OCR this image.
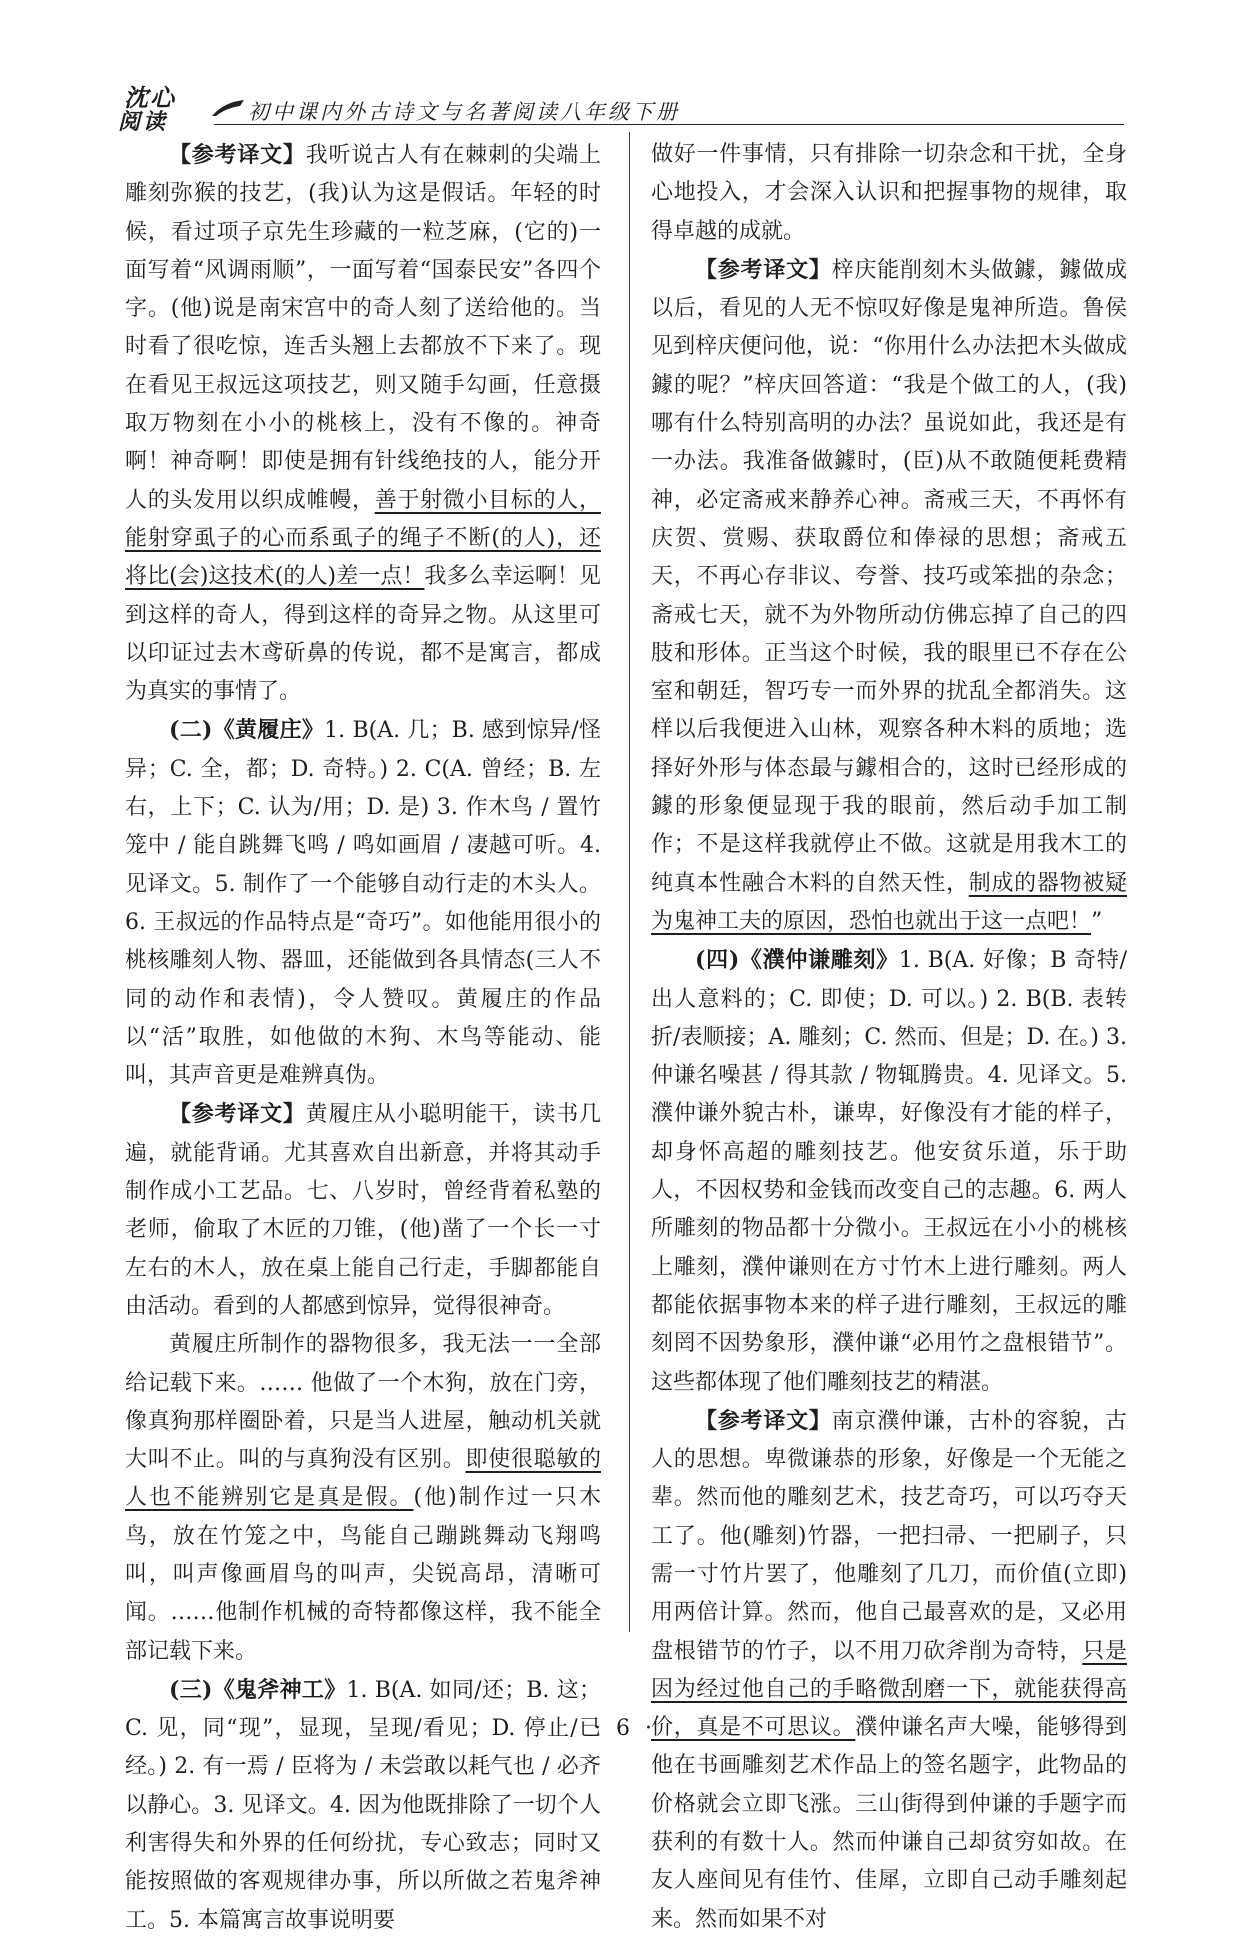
沈心
阅读	初中课内外古诗文与名著阅读八年级下册

【参考译文】我听说古人有在棘刺的尖端上雕刻弥猴的技艺，(我)认为这是假话。年轻的时候，看过项子京先生珍藏的一粒芝麻，(它的)一面写着“风调雨顺”，一面写着“国泰民安”各四个字。(他)说是南宋宫中的奇人刻了送给他的。当时看了很吃惊，连舌头翘上去都放不下来了。现在看见王叔远这项技艺，则又随手勾画，任意摄取万物刻在小小的桃核上，没有不像的。神奇啊！神奇啊！即使是拥有针线绝技的人，能分开人的头发用以织成帷幔，善于射微小目标的人，能射穿虱子的心而系虱子的绳子不断(的人)，还将比(会)这技术(的人)差一点！我多么幸运啊！见到这样的奇人，得到这样的奇异之物。从这里可以印证过去木鸢斫鼻的传说，都不是寓言，都成为真实的事情了。

(二)《黄履庄》1. B(A. 几；B. 感到惊异/怪异；C. 全，都；D. 奇特。) 2. C(A. 曾经；B. 左右，上下；C. 认为/用；D. 是) 3. 作木鸟 / 置竹笼中 / 能自跳舞飞鸣 / 鸣如画眉 / 凄越可听。4. 见译文。5. 制作了一个能够自动行走的木头人。6. 王叔远的作品特点是“奇巧”。如他能用很小的桃核雕刻人物、器皿，还能做到各具情态(三人不同的动作和表情)，令人赞叹。黄履庄的作品以“活”取胜，如他做的木狗、木鸟等能动、能叫，其声音更是难辨真伪。

【参考译文】黄履庄从小聪明能干，读书几遍，就能背诵。尤其喜欢自出新意，并将其动手制作成小工艺品。七、八岁时，曾经背着私塾的老师，偷取了木匠的刀锥，(他)凿了一个长一寸左右的木人，放在桌上能自己行走，手脚都能自由活动。看到的人都感到惊异，觉得很神奇。

黄履庄所制作的器物很多，我无法一一全部给记载下来。…… 他做了一个木狗，放在门旁，像真狗那样圈卧着，只是当人进屋，触动机关就大叫不止。叫的与真狗没有区别。即使很聪敏的人也不能辨别它是真是假。(他)制作过一只木鸟，放在竹笼之中，鸟能自己蹦跳舞动飞翔鸣叫，叫声像画眉鸟的叫声，尖锐高昂，清晰可闻。……他制作机械的奇特都像这样，我不能全部记载下来。

(三)《鬼斧神工》1. B(A. 如同/还；B. 这；C. 见，同“现”，显现，呈现/看见；D. 停止/已经。) 2. 有一焉 / 臣将为 / 未尝敢以耗气也 / 必齐以静心。3. 见译文。4. 因为他既排除了一切个人利害得失和外界的任何纷扰，专心致志；同时又能按照做的客观规律办事，所以所做之若鬼斧神工。5. 本篇寓言故事说明要

做好一件事情，只有排除一切杂念和干扰，全身心地投入，才会深入认识和把握事物的规律，取得卓越的成就。

【参考译文】梓庆能削刻木头做鐻，鐻做成以后，看见的人无不惊叹好像是鬼神所造。鲁侯见到梓庆便问他，说：“你用什么办法把木头做成鐻的呢？”梓庆回答道：“我是个做工的人，(我)哪有什么特别高明的办法？虽说如此，我还是有一办法。我准备做鐻时，(臣)从不敢随便耗费精神，必定斋戒来静养心神。斋戒三天，不再怀有庆贺、赏赐、获取爵位和俸禄的思想；斋戒五天，不再心存非议、夸誉、技巧或笨拙的杂念；斋戒七天，就不为外物所动仿佛忘掉了自己的四肢和形体。正当这个时候，我的眼里已不存在公室和朝廷，智巧专一而外界的扰乱全都消失。这样以后我便进入山林，观察各种木料的质地；选择好外形与体态最与鐻相合的，这时已经形成的鐻的形象便显现于我的眼前，然后动手加工制作；不是这样我就停止不做。这就是用我木工的纯真本性融合木料的自然天性，制成的器物被疑为鬼神工夫的原因，恐怕也就出于这一点吧！”

(四)《濮仲谦雕刻》1. B(A. 好像；B 奇特/出人意料的；C. 即使；D. 可以。) 2. B(B. 表转折/表顺接；A. 雕刻；C. 然而、但是；D. 在。) 3. 仲谦名噪甚 / 得其款 / 物辄腾贵。4. 见译文。5. 濮仲谦外貌古朴，谦卑，好像没有才能的样子，却身怀高超的雕刻技艺。他安贫乐道，乐于助人，不因权势和金钱而改变自己的志趣。6. 两人所雕刻的物品都十分微小。王叔远在小小的桃核上雕刻，濮仲谦则在方寸竹木上进行雕刻。两人都能依据事物本来的样子进行雕刻，王叔远的雕刻罔不因势象形，濮仲谦“必用竹之盘根错节”。这些都体现了他们雕刻技艺的精湛。

【参考译文】南京濮仲谦，古朴的容貌，古人的思想。卑微谦恭的形象，好像是一个无能之辈。然而他的雕刻艺术，技艺奇巧，可以巧夺天工了。他(雕刻)竹器，一把扫帚、一把刷子，只需一寸竹片罢了，他雕刻了几刀，而价值(立即)用两倍计算。然而，他自己最喜欢的是，又必用盘根错节的竹子，以不用刀砍斧削为奇特，只是因为经过他自己的手略微刮磨一下，就能获得高价，真是不可思议。濮仲谦名声大噪，能够得到他在书画雕刻艺术作品上的签名题字，此物品的价格就会立即飞涨。三山街得到仲谦的手题字而获利的有数十人。然而仲谦自己却贫穷如故。在友人座间见有佳竹、佳犀，立即自己动手雕刻起来。然而如果不对

· 6 ·
